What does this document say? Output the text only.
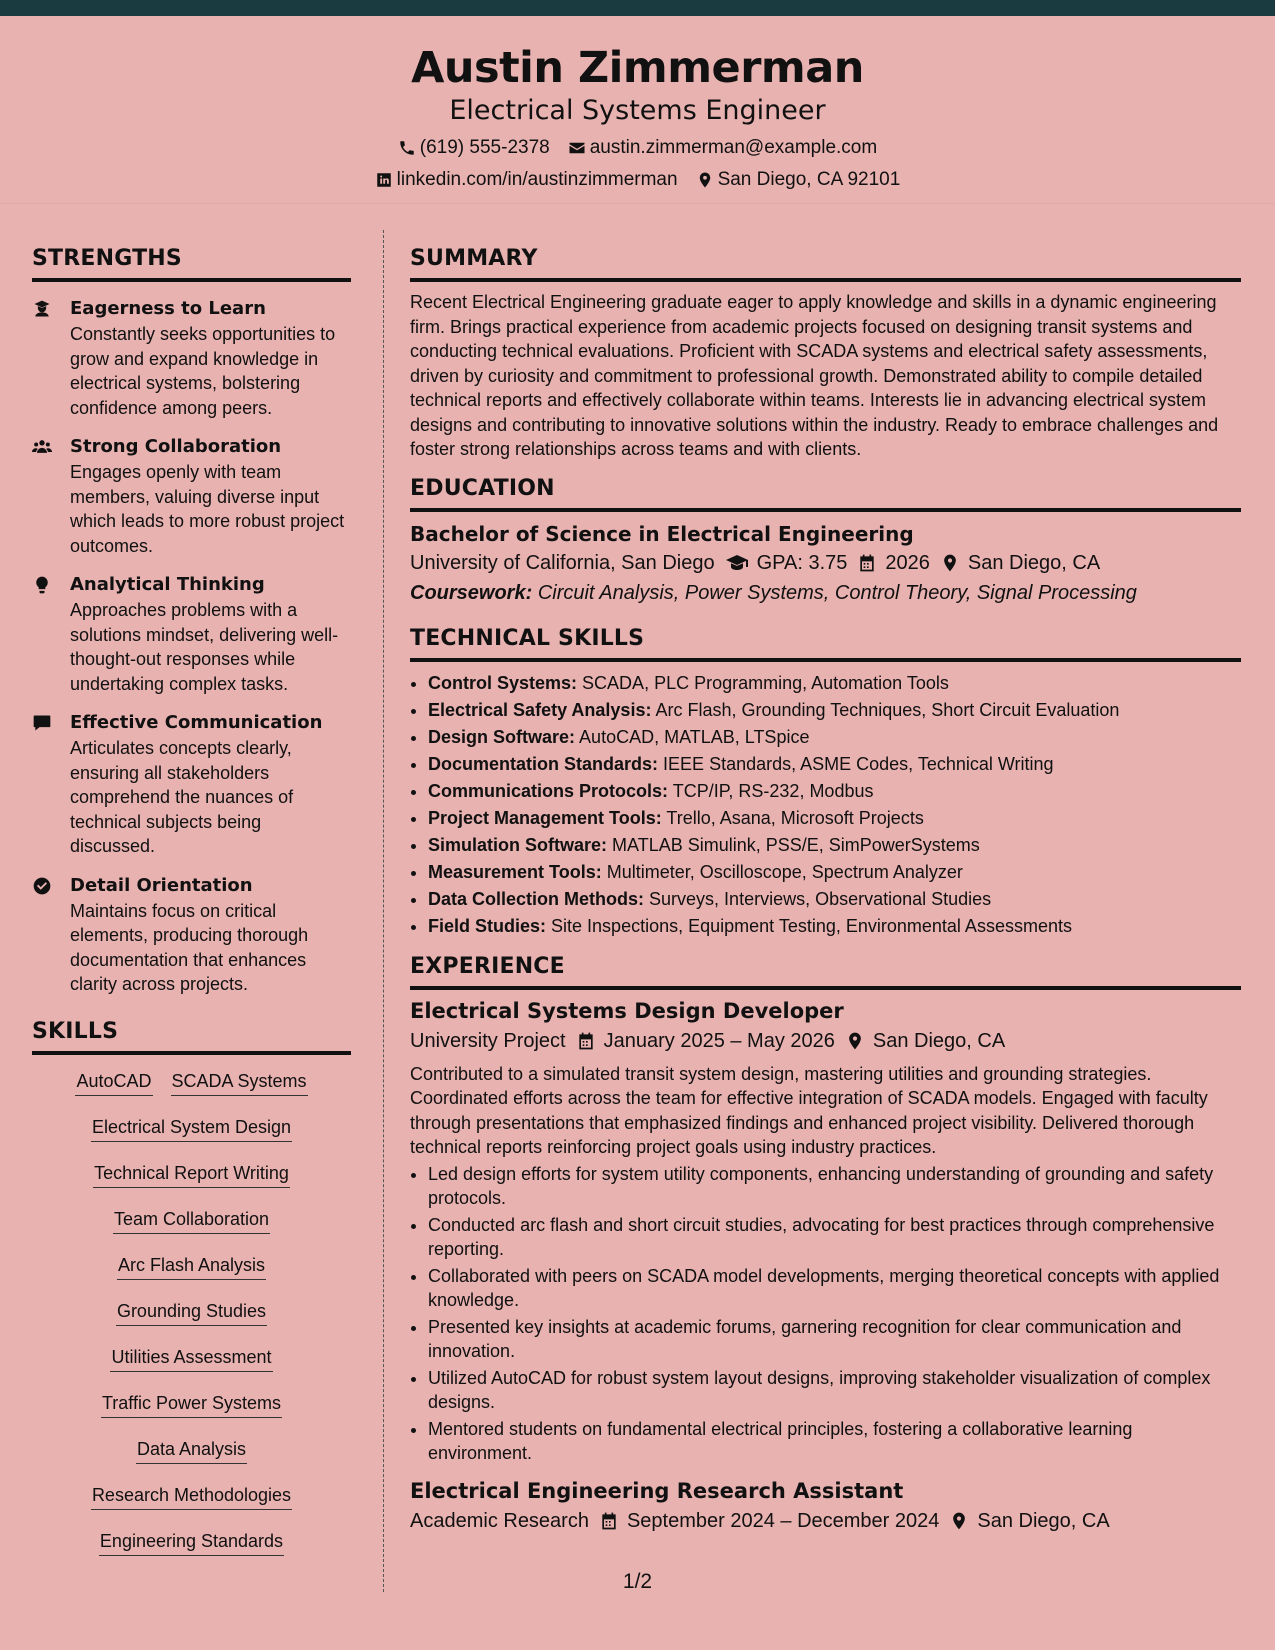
Austin Zimmerman
Electrical Systems Engineer
(619) 555-2378 austin.zimmerman@example.com
linkedin.com/in/austinzimmerman San Diego, CA 92101
STRENGTHS
Eagerness to Learn
Constantly seeks opportunities to grow and expand knowledge in electrical systems, bolstering confidence among peers.
Strong Collaboration
Engages openly with team members, valuing diverse input which leads to more robust project outcomes.
Analytical Thinking
Approaches problems with a solutions mindset, delivering well-thought-out responses while undertaking complex tasks.
Effective Communication
Articulates concepts clearly, ensuring all stakeholders comprehend the nuances of technical subjects being discussed.
Detail Orientation
Maintains focus on critical elements, producing thorough documentation that enhances clarity across projects.
SKILLS
AutoCAD SCADA Systems
Electrical System Design
Technical Report Writing
Team Collaboration
Arc Flash Analysis
Grounding Studies
Utilities Assessment
Traffic Power Systems
Data Analysis
Research Methodologies
Engineering Standards
SUMMARY

Recent Electrical Engineering graduate eager to apply knowledge and skills in a dynamic engineering firm. Brings practical experience from academic projects focused on designing transit systems and conducting technical evaluations. Proficient with SCADA systems and electrical safety assessments, driven by curiosity and commitment to professional growth. Demonstrated ability to compile detailed technical reports and effectively collaborate within teams. Interests lie in advancing electrical system designs and contributing to innovative solutions within the industry. Ready to embrace challenges and foster strong relationships across teams and with clients.

EDUCATION
Bachelor of Science in Electrical Engineering
University of California, San Diego GPA: 3.75 2026 San Diego, CA
Coursework: Circuit Analysis, Power Systems, Control Theory, Signal Processing
TECHNICAL SKILLS
• Control Systems: SCADA, PLC Programming, Automation Tools
• Electrical Safety Analysis: Arc Flash, Grounding Techniques, Short Circuit Evaluation
• Design Software: AutoCAD, MATLAB, LTSpice
• Documentation Standards: IEEE Standards, ASME Codes, Technical Writing
• Communications Protocols: TCP/IP, RS-232, Modbus
• Project Management Tools: Trello, Asana, Microsoft Projects
• Simulation Software: MATLAB Simulink, PSS/E, SimPowerSystems
• Measurement Tools: Multimeter, Oscilloscope, Spectrum Analyzer
• Data Collection Methods: Surveys, Interviews, Observational Studies
• Field Studies: Site Inspections, Equipment Testing, Environmental Assessments
EXPERIENCE
Electrical Systems Design Developer
University Project January 2025 – May 2026 San Diego, CA

Contributed to a simulated transit system design, mastering utilities and grounding strategies. Coordinated efforts across the team for effective integration of SCADA models. Engaged with faculty through presentations that emphasized findings and enhanced project visibility. Delivered thorough technical reports reinforcing project goals using industry practices.

• Led design efforts for system utility components, enhancing understanding of grounding and safety protocols.
• Conducted arc flash and short circuit studies, advocating for best practices through comprehensive reporting.
• Collaborated with peers on SCADA model developments, merging theoretical concepts with applied knowledge.
• Presented key insights at academic forums, garnering recognition for clear communication and innovation.
• Utilized AutoCAD for robust system layout designs, improving stakeholder visualization of complex designs.
• Mentored students on fundamental electrical principles, fostering a collaborative learning environment.
Electrical Engineering Research Assistant
Academic Research September 2024 – December 2024 San Diego, CA
1/2
